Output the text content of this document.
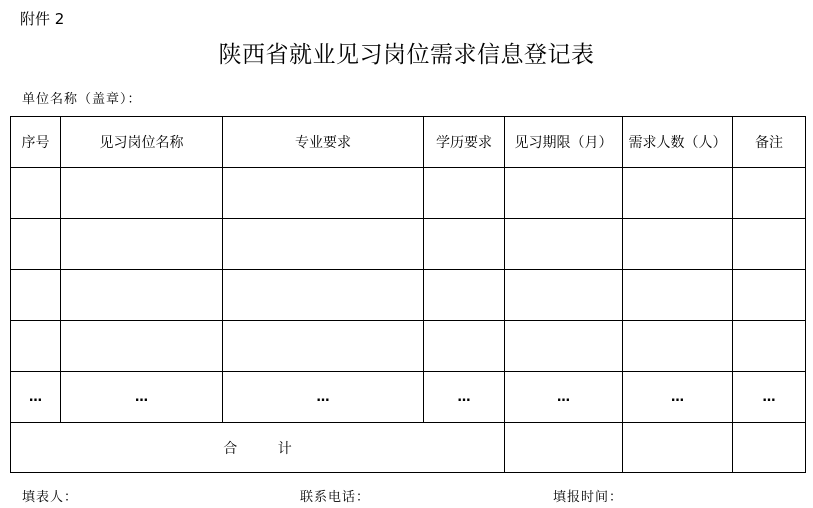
附件 2
陕西省就业见习岗位需求信息登记表
单位名称（盖章）：
序号	见习岗位名称	专业要求	学历要求	见习期限（月）	需求人数（人）	备注

…	…	…	…	…	…	…
合 计						
填表人：	联系电话：	填报时间：
